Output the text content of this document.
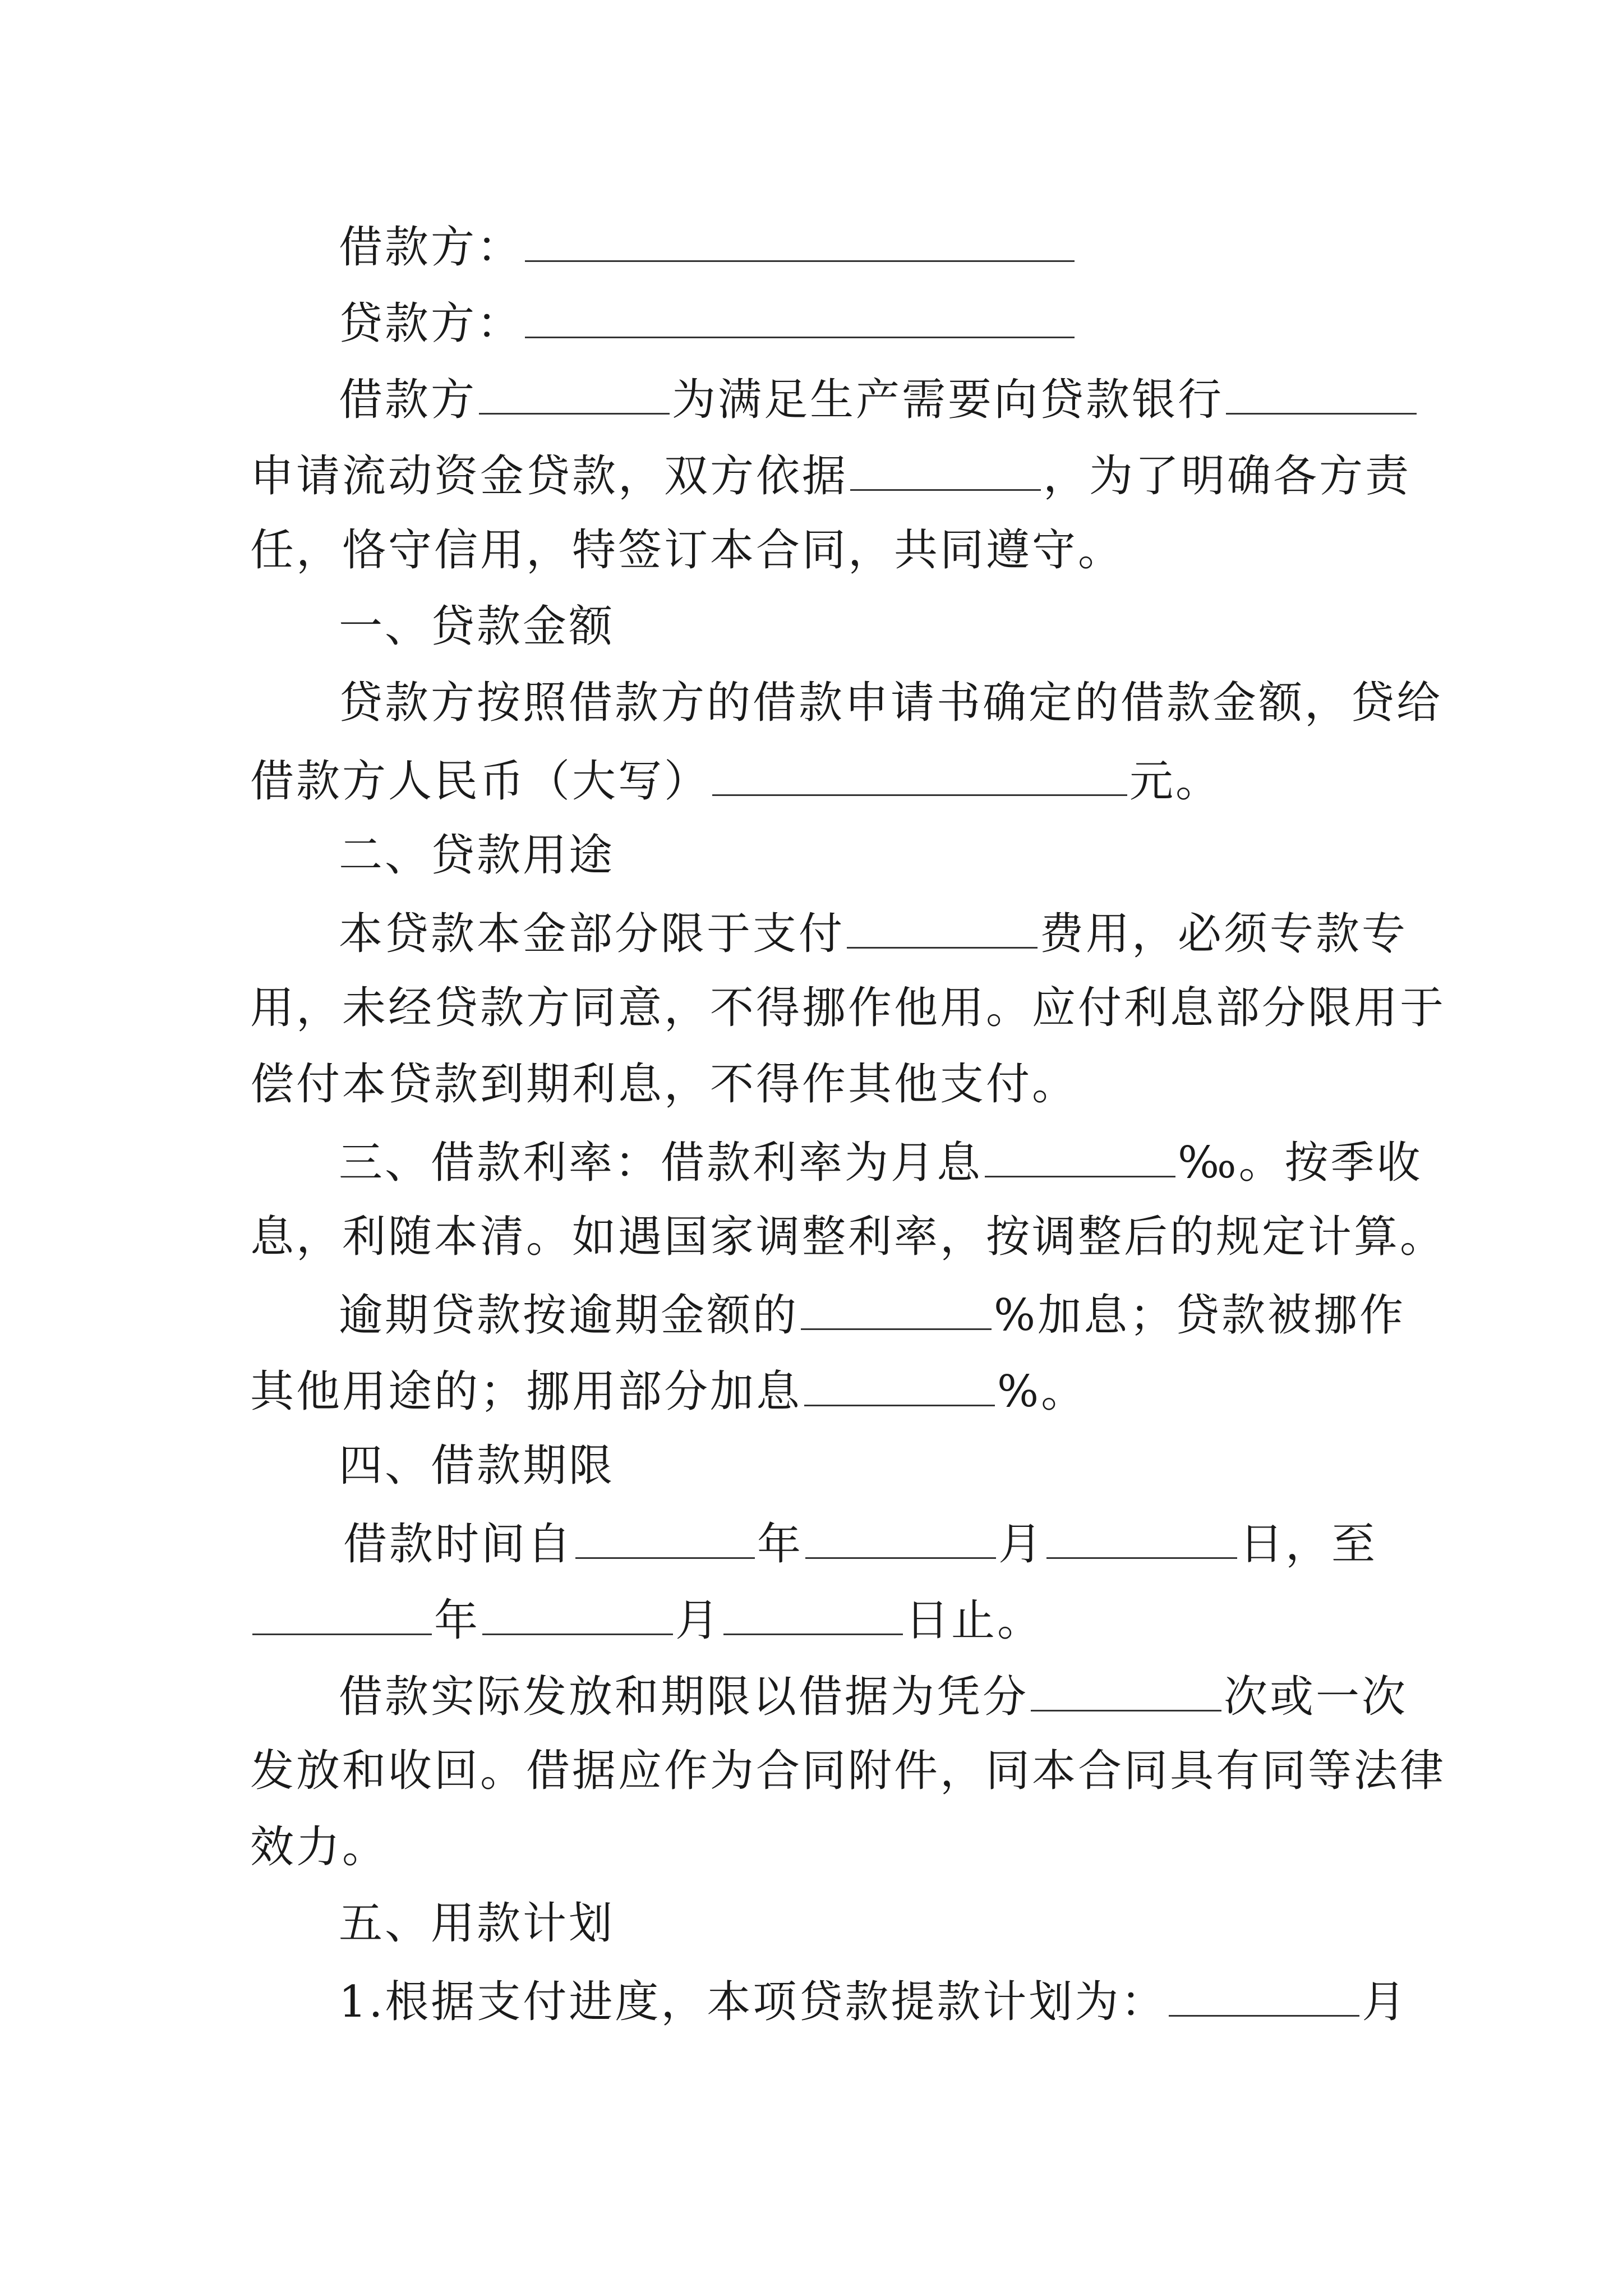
借款方：
贷款方：
借款方	为满足生产需要向贷款银行
申请流动资金贷款，双方依据	，为了明确各方责
任，恪守信用，特签订本合同，共同遵守。
一、贷款金额
贷款方按照借款方的借款申请书确定的借款金额，贷给
借款方人民币（大写）	元。
二、贷款用途
本贷款本金部分限于支付	费用，必须专款专
用，未经贷款方同意，不得挪作他用。应付利息部分限用于
偿付本贷款到期利息，不得作其他支付。
三、借款利率：借款利率为月息	‰。按季收
息，利随本清。如遇国家调整利率，按调整后的规定计算。
逾期贷款按逾期金额的	%加息；贷款被挪作
其他用途的；挪用部分加息	%。
四、借款期限
借款时间自	年	月	日，至
年	月	日止。
借款实际发放和期限以借据为凭分	次或一次
发放和收回。借据应作为合同附件，同本合同具有同等法律
效力。
五、用款计划
1.根据支付进度，本项贷款提款计划为：	月
